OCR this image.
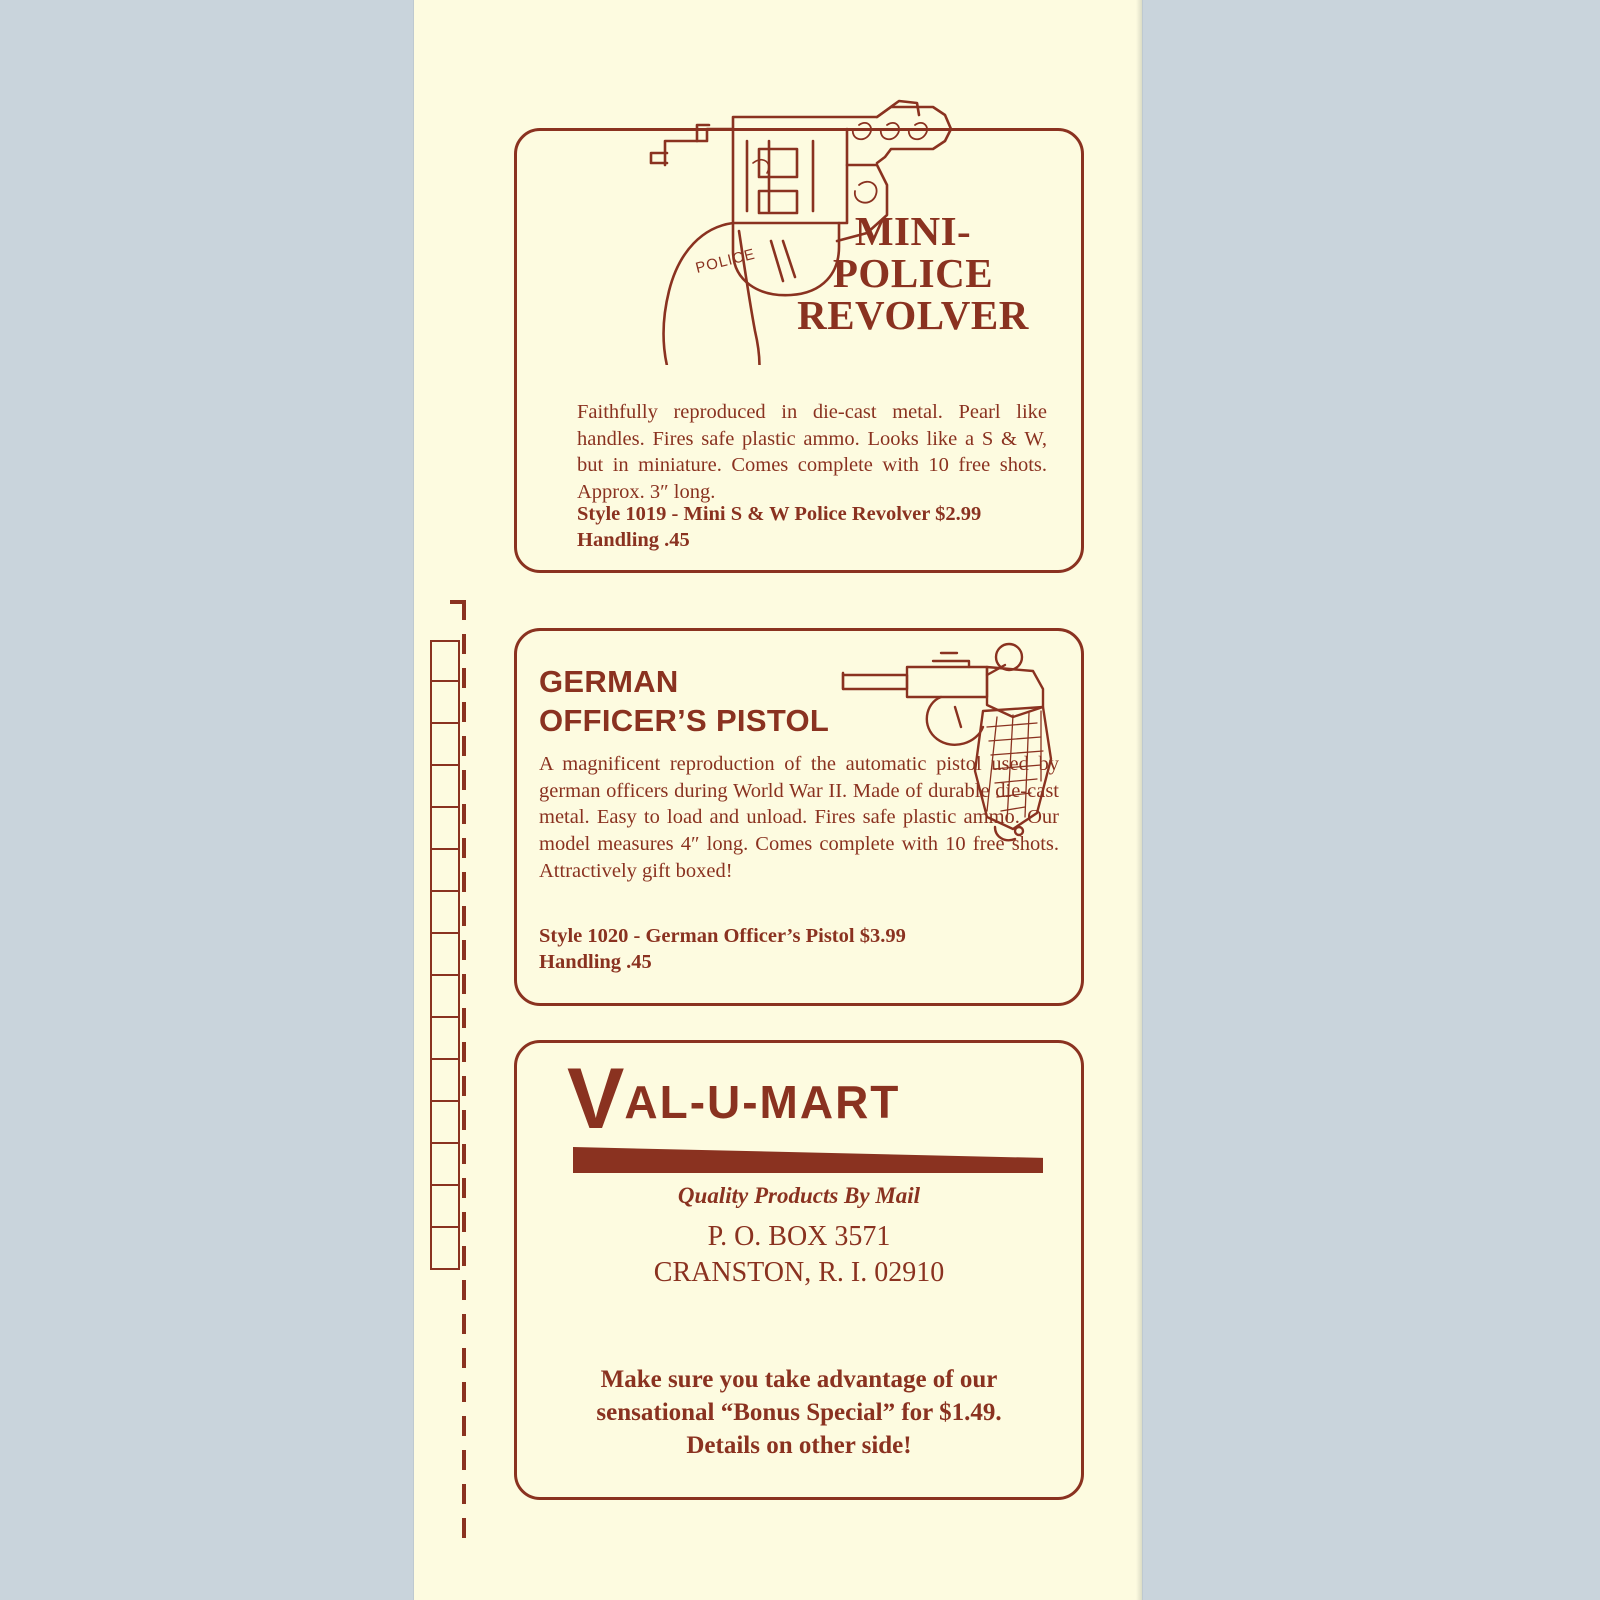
POLICE
MINI-
POLICE
REVOLVER
Faithfully reproduced in die-cast metal. Pearl like handles. Fires safe plastic ammo. Looks like a S & W, but in miniature. Comes complete with 10 free shots. Approx. 3″ long.
Style 1019 - Mini S & W Police Revolver $2.99
Handling .45
GERMAN
OFFICER’S PISTOL
A magnificent reproduction of the automatic pistol used by german officers during World War II. Made of durable die-cast metal. Easy to load and unload. Fires safe plastic ammo. Our model measures 4″ long. Comes complete with 10 free shots. Attractively gift boxed!
Style 1020 - German Officer’s Pistol $3.99
Handling .45
VAL-U-MART
Quality Products By Mail
P. O. BOX 3571
CRANSTON, R. I. 02910
Make sure you take advantage of our
sensational “Bonus Special” for $1.49.
Details on other side!
